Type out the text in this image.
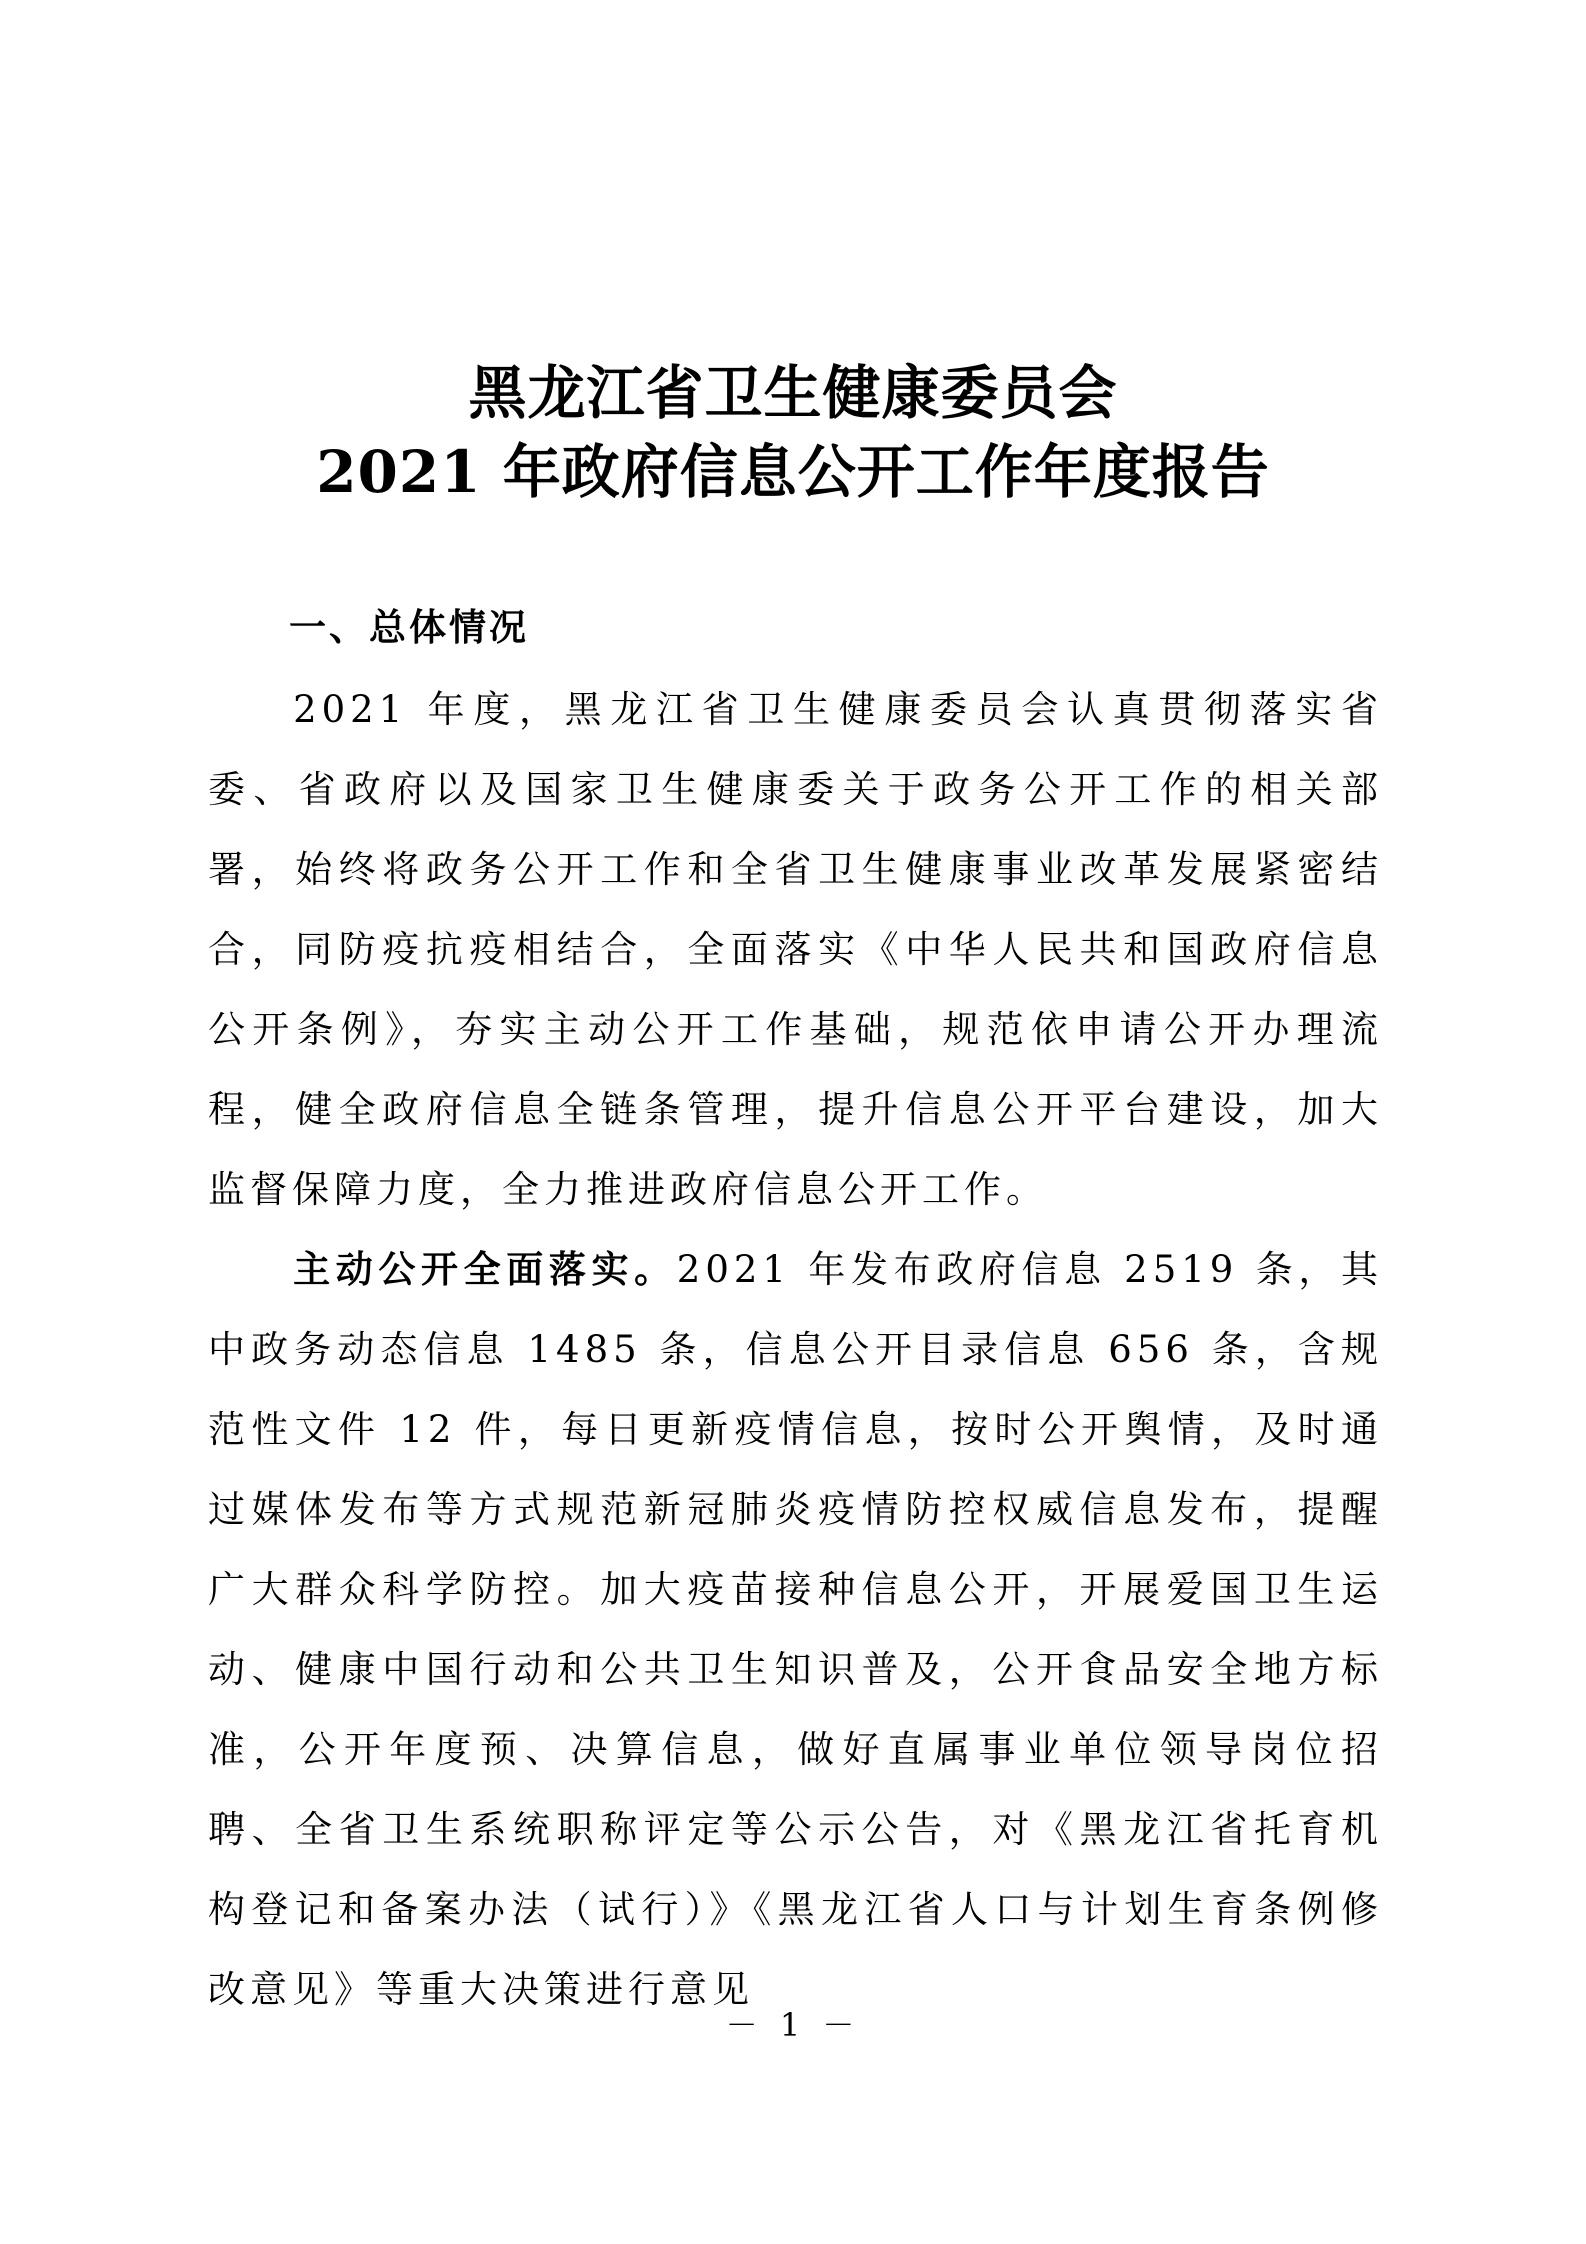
黑龙江省卫生健康委员会
2021 年政府信息公开工作年度报告
一、总体情况

2021 年度，黑龙江省卫生健康委员会认真贯彻落实省委、省政府以及国家卫生健康委关于政务公开工作的相关部署，始终将政务公开工作和全省卫生健康事业改革发展紧密结合，同防疫抗疫相结合，全面落实《中华人民共和国政府信息公开条例》，夯实主动公开工作基础，规范依申请公开办理流程，健全政府信息全链条管理，提升信息公开平台建设，加大监督保障力度，全力推进政府信息公开工作。

主动公开全面落实。2021 年发布政府信息 2519 条，其中政务动态信息 1485 条，信息公开目录信息 656 条，含规范性文件 12 件，每日更新疫情信息，按时公开舆情，及时通过媒体发布等方式规范新冠肺炎疫情防控权威信息发布，提醒广大群众科学防控。加大疫苗接种信息公开，开展爱国卫生运动、健康中国行动和公共卫生知识普及，公开食品安全地方标准，公开年度预、决算信息，做好直属事业单位领导岗位招聘、全省卫生系统职称评定等公示公告，对《黑龙江省托育机构登记和备案办法（试行）》《黑龙江省人口与计划生育条例修改意见》等重大决策进行意见

－ 1 －
